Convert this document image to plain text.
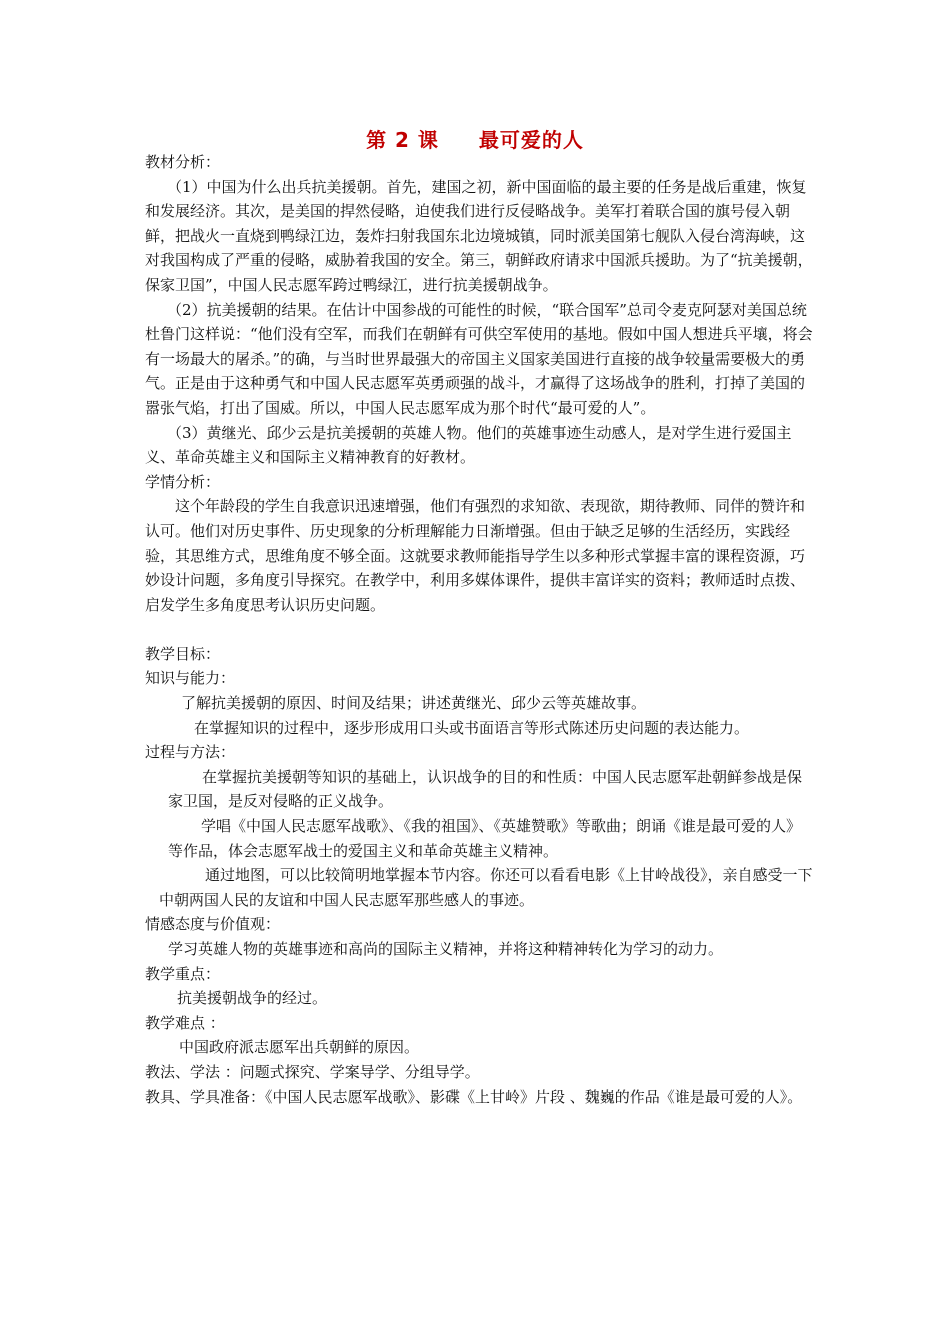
第 2 课 最可爱的人

教材分析：

（1）中国为什么出兵抗美援朝。首先，建国之初，新中国面临的最主要的任务是战后重建，恢复和发展经济。其次，是美国的捍然侵略，迫使我们进行反侵略战争。美军打着联合国的旗号侵入朝鲜，把战火一直烧到鸭绿江边，轰炸扫射我国东北边境城镇，同时派美国第七舰队入侵台湾海峡，这对我国构成了严重的侵略，威胁着我国的安全。第三，朝鲜政府请求中国派兵援助。为了“抗美援朝，保家卫国”，中国人民志愿军跨过鸭绿江，进行抗美援朝战争。

（2）抗美援朝的结果。在估计中国参战的可能性的时候，“联合国军”总司令麦克阿瑟对美国总统杜鲁门这样说：“他们没有空军，而我们在朝鲜有可供空军使用的基地。假如中国人想进兵平壤，将会有一场最大的屠杀。”的确，与当时世界最强大的帝国主义国家美国进行直接的战争较量需要极大的勇气。正是由于这种勇气和中国人民志愿军英勇顽强的战斗，才赢得了这场战争的胜利，打掉了美国的嚣张气焰，打出了国威。所以，中国人民志愿军成为那个时代“最可爱的人”。

（3）黄继光、邱少云是抗美援朝的英雄人物。他们的英雄事迹生动感人，是对学生进行爱国主义、革命英雄主义和国际主义精神教育的好教材。

学情分析：

这个年龄段的学生自我意识迅速增强，他们有强烈的求知欲、表现欲，期待教师、同伴的赞许和认可。他们对历史事件、历史现象的分析理解能力日渐增强。但由于缺乏足够的生活经历，实践经验，其思维方式，思维角度不够全面。这就要求教师能指导学生以多种形式掌握丰富的课程资源，巧妙设计问题，多角度引导探究。在教学中，利用多媒体课件，提供丰富详实的资料；教师适时点拨、启发学生多角度思考认识历史问题。

教学目标：

知识与能力：

了解抗美援朝的原因、时间及结果；讲述黄继光、邱少云等英雄故事。

在掌握知识的过程中，逐步形成用口头或书面语言等形式陈述历史问题的表达能力。

过程与方法：

在掌握抗美援朝等知识的基础上，认识战争的目的和性质：中国人民志愿军赴朝鲜参战是保家卫国，是反对侵略的正义战争。

学唱《中国人民志愿军战歌》、《我的祖国》、《英雄赞歌》等歌曲；朗诵《谁是最可爱的人》等作品，体会志愿军战士的爱国主义和革命英雄主义精神。

通过地图，可以比较简明地掌握本节内容。你还可以看看电影《上甘岭战役》，亲自感受一下中朝两国人民的友谊和中国人民志愿军那些感人的事迹。

情感态度与价值观：

学习英雄人物的英雄事迹和高尚的国际主义精神，并将这种精神转化为学习的动力。

教学重点：

抗美援朝战争的经过。

教学难点 ：

中国政府派志愿军出兵朝鲜的原因。

教法、学法 ：问题式探究、学案导学、分组导学。

教具、学具准备：《中国人民志愿军战歌》、影碟《上甘岭》片段 、魏巍的作品《谁是最可爱的人》。
